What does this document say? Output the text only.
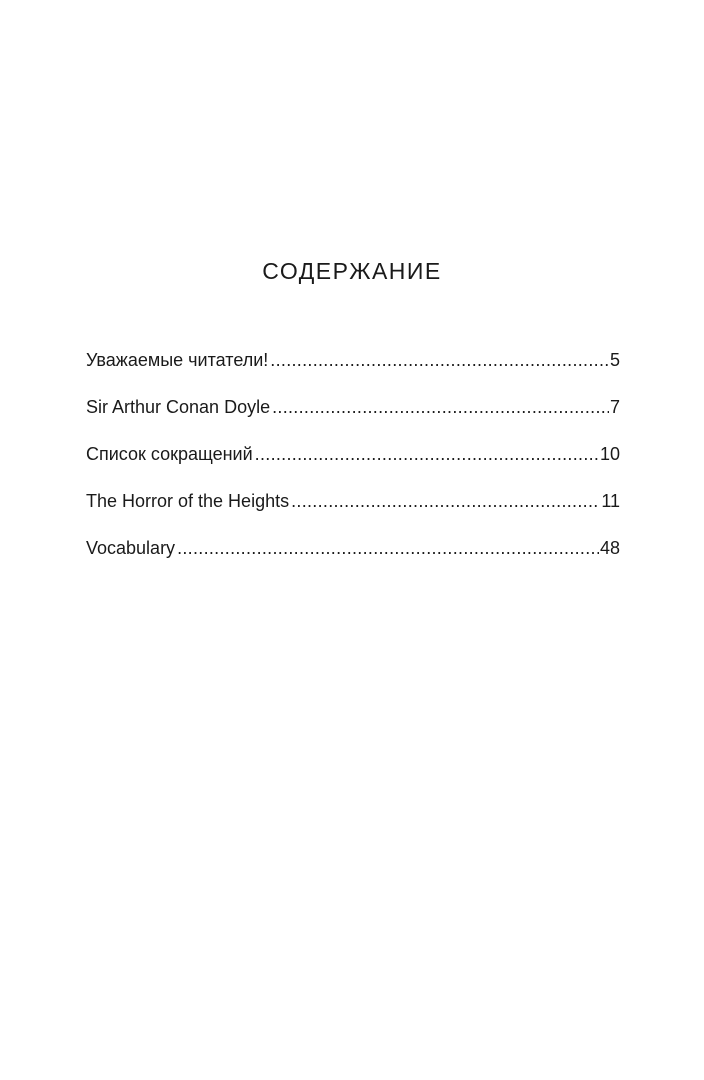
СОДЕРЖАНИЕ
Уважаемые читатели! .....	5
Sir Arthur Conan Doyle .....	7
Список сокращений .....	10
The Horror of the Heights .....	11
Vocabulary .....	48
